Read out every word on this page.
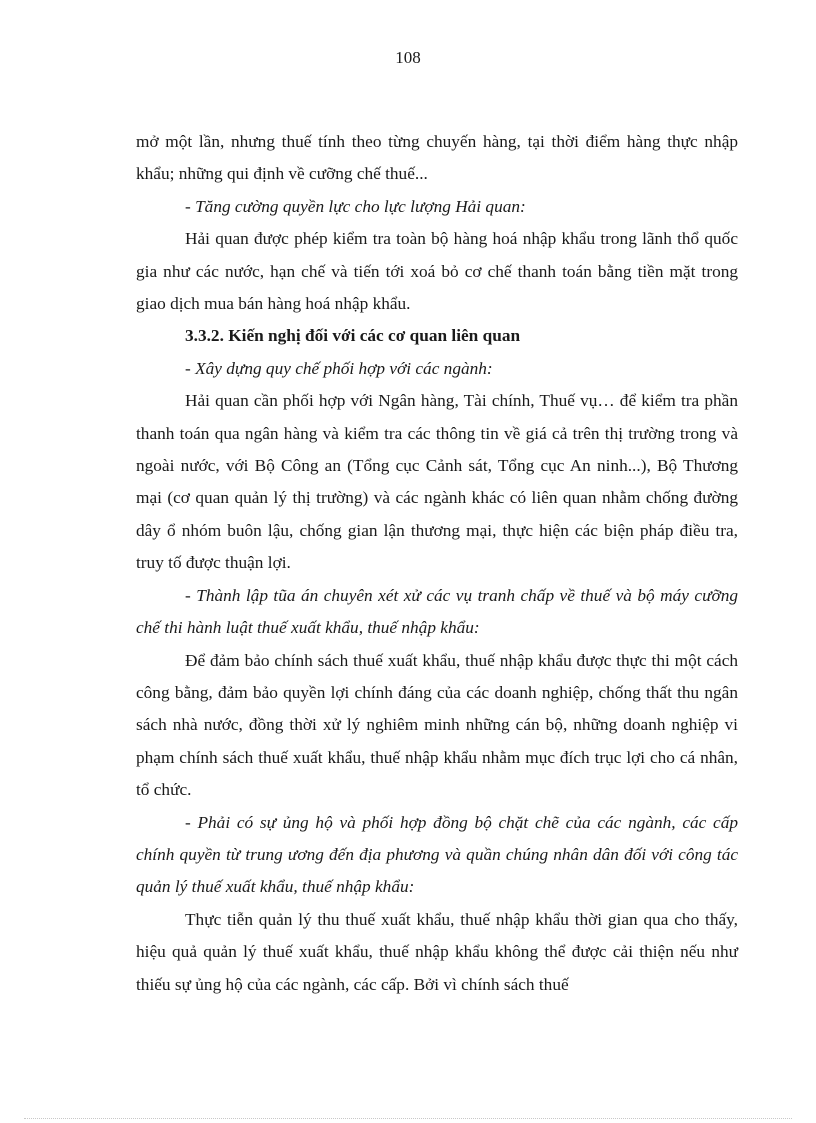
108

mở một lần, nhưng thuế tính theo từng chuyến hàng, tại thời điểm hàng thực nhập khẩu; những qui định về cưỡng chế thuế...

- Tăng cường quyền lực cho lực lượng Hải quan:

Hải quan được phép kiểm tra toàn bộ hàng hoá nhập khẩu trong lãnh thổ quốc gia như các nước, hạn chế và tiến tới xoá bỏ cơ chế thanh toán bằng tiền mặt trong giao dịch mua bán hàng hoá nhập khẩu.

3.3.2. Kiến nghị đối với các cơ quan liên quan

- Xây dựng quy chế phối hợp với các ngành:

Hải quan cần phối hợp với Ngân hàng, Tài chính, Thuế vụ… để kiểm tra phần thanh toán qua ngân hàng và kiểm tra các thông tin về giá cả trên thị trường trong và ngoài nước, với Bộ Công an (Tổng cục Cảnh sát, Tổng cục An ninh...), Bộ Thương mại (cơ quan quản lý thị trường) và các ngành khác có liên quan nhằm chống đường dây ổ nhóm buôn lậu, chống gian lận thương mại, thực hiện các biện pháp điều tra, truy tố được thuận lợi.

- Thành lập tũa án chuyên xét xử các vụ tranh chấp về thuế và bộ máy cưỡng chế thi hành luật thuế xuất khẩu, thuế nhập khẩu:

Để đảm bảo chính sách thuế xuất khẩu, thuế nhập khẩu được thực thi một cách công bằng, đảm bảo quyền lợi chính đáng của các doanh nghiệp, chống thất thu ngân sách nhà nước, đồng thời xử lý nghiêm minh những cán bộ, những doanh nghiệp vi phạm chính sách thuế xuất khẩu, thuế nhập khẩu nhằm mục đích trục lợi cho cá nhân, tổ chức.

- Phải có sự ủng hộ và phối hợp đồng bộ chặt chẽ của các ngành, các cấp chính quyền từ trung ương đến địa phương và quần chúng nhân dân đối với công tác quản lý thuế xuất khẩu, thuế nhập khẩu:

Thực tiễn quản lý thu thuế xuất khẩu, thuế nhập khẩu thời gian qua cho thấy, hiệu quả quản lý thuế xuất khẩu, thuế nhập khẩu không thể được cải thiện nếu như thiếu sự ủng hộ của các ngành, các cấp. Bởi vì chính sách thuế
